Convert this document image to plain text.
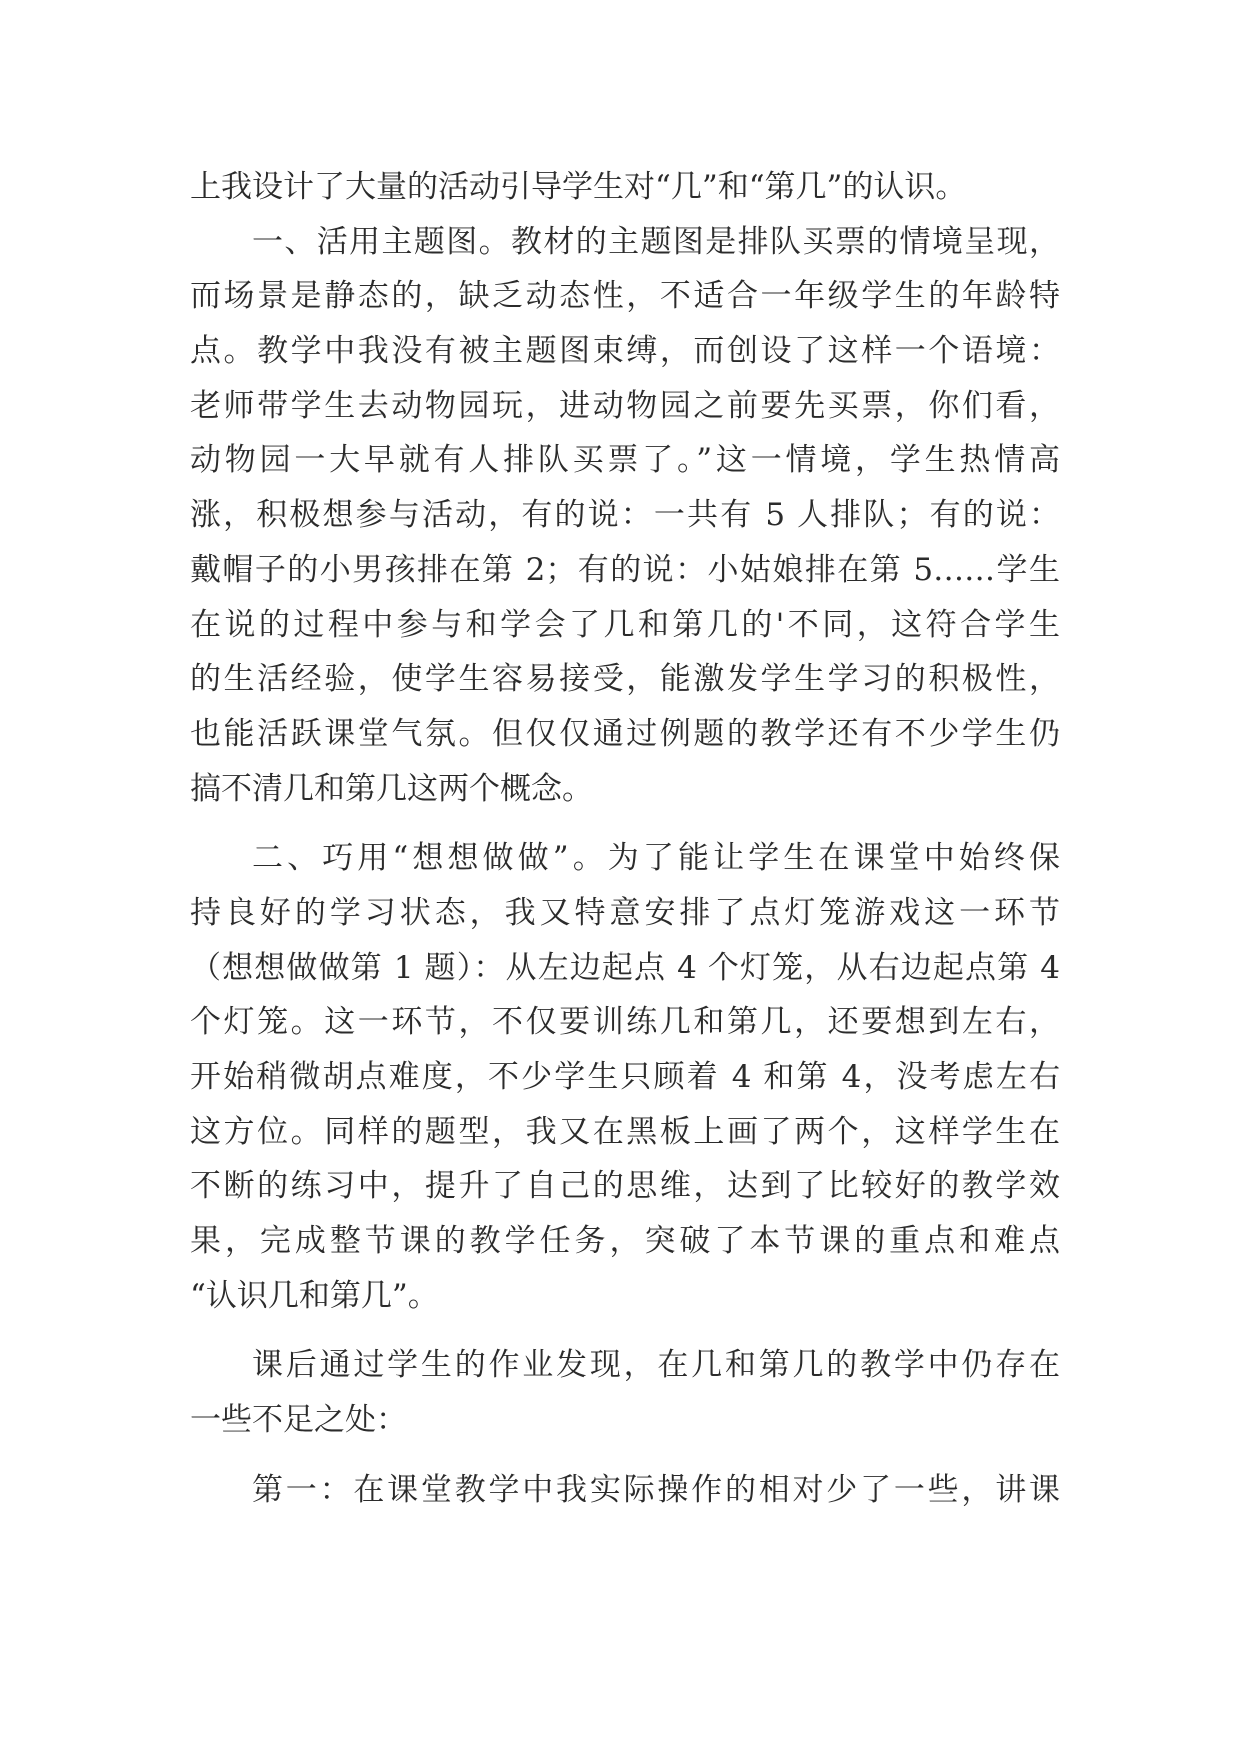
上我设计了大量的活动引导学生对“几”和“第几”的认识。
一、活用主题图。教材的主题图是排队买票的情境呈现，
而场景是静态的，缺乏动态性，不适合一年级学生的年龄特
点。教学中我没有被主题图束缚，而创设了这样一个语境：
老师带学生去动物园玩，进动物园之前要先买票，你们看，
动物园一大早就有人排队买票了。”这一情境，学生热情高
涨，积极想参与活动，有的说：一共有 5 人排队；有的说：
戴帽子的小男孩排在第 2；有的说：小姑娘排在第 5……学生
在说的过程中参与和学会了几和第几的'不同，这符合学生
的生活经验，使学生容易接受，能激发学生学习的积极性，
也能活跃课堂气氛。但仅仅通过例题的教学还有不少学生仍
搞不清几和第几这两个概念。
二、巧用“想想做做”。为了能让学生在课堂中始终保
持良好的学习状态，我又特意安排了点灯笼游戏这一环节
（想想做做第 1 题）：从左边起点 4 个灯笼，从右边起点第 4
个灯笼。这一环节，不仅要训练几和第几，还要想到左右，
开始稍微胡点难度，不少学生只顾着 4 和第 4，没考虑左右
这方位。同样的题型，我又在黑板上画了两个，这样学生在
不断的练习中，提升了自己的思维，达到了比较好的教学效
果，完成整节课的教学任务，突破了本节课的重点和难点
“认识几和第几”。
课后通过学生的作业发现，在几和第几的教学中仍存在
一些不足之处：
第一：在课堂教学中我实际操作的相对少了一些，讲课
